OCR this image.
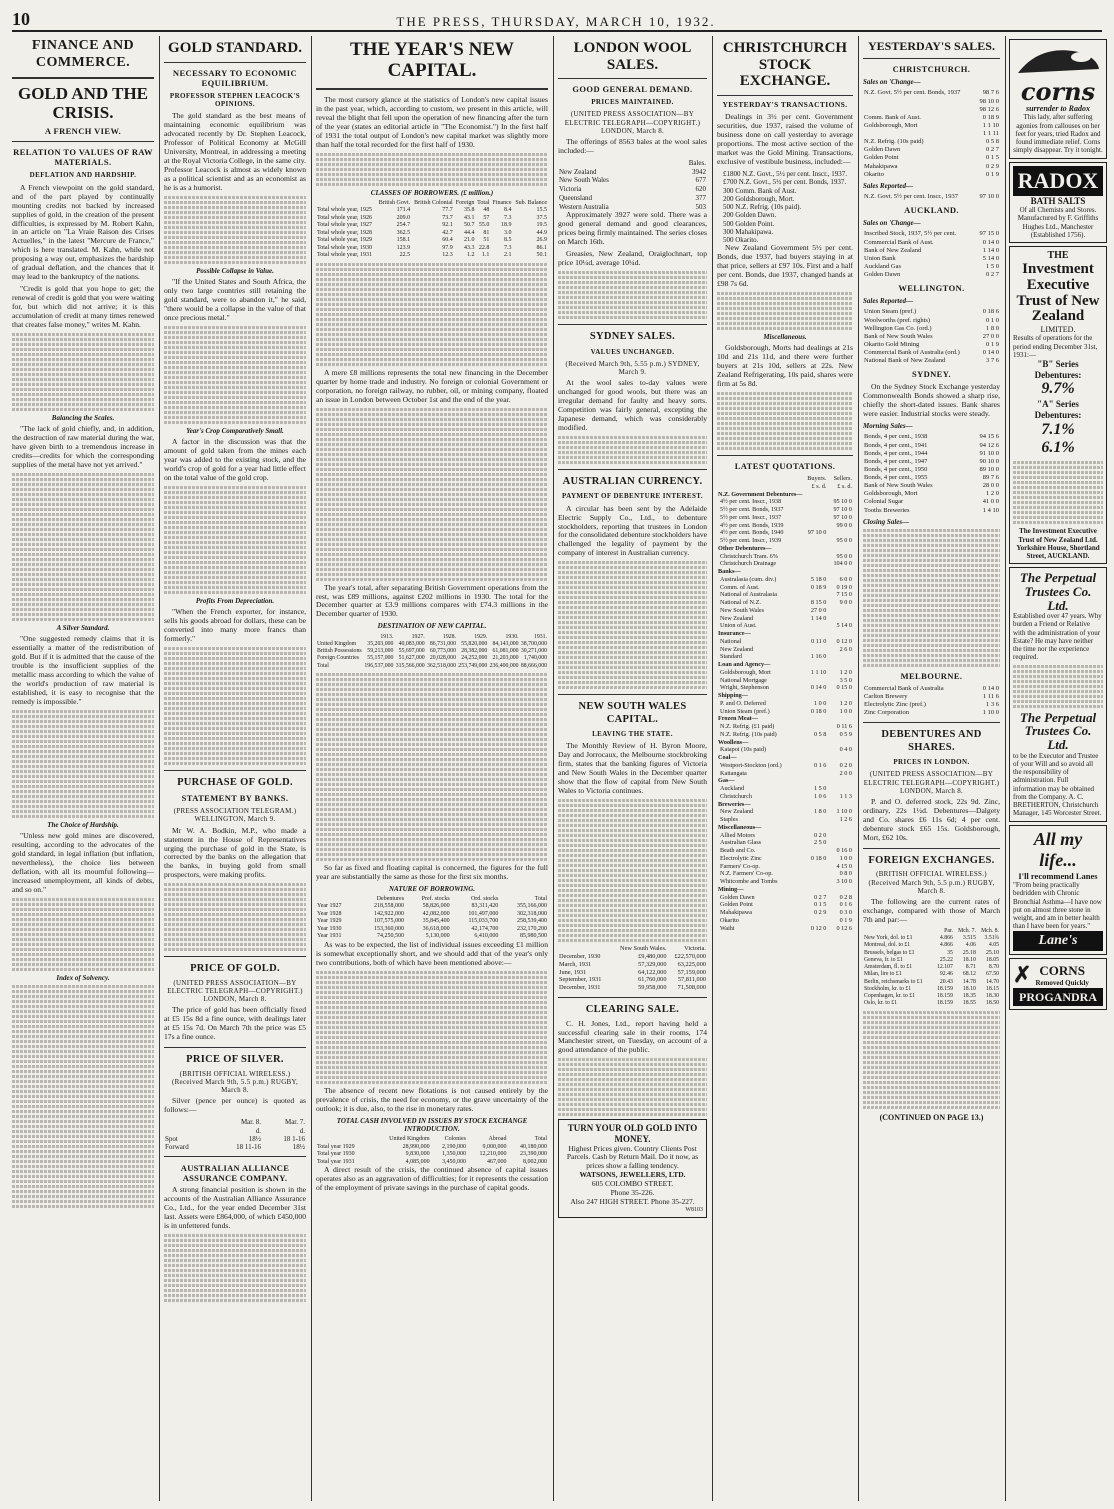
10	THE PRESS, THURSDAY, MARCH 10, 1932.
FINANCE AND COMMERCE.
GOLD AND THE CRISIS.
A FRENCH VIEW.
RELATION TO VALUES OF RAW MATERIALS.
DEFLATION AND HARDSHIP.

A French viewpoint on the gold standard, and of the part played by continually mounting credits not backed by increased supplies of gold, in the creation of the present difficulties, is expressed by M. Robert Kahn, in an article on "La Vraie Raison des Crises Actuelles," in the latest "Mercure de France," which is here translated. M. Kahn, while not proposing a way out, emphasizes the hardship of gradual deflation, and the chances that it may lead to the bankruptcy of the nations.

"Credit is gold that you hope to get; the renewal of credit is gold that you were waiting for, but which did not arrive; it is this accumulation of credit at many times renewed that creates false money," writes M. Kahn.

Balancing the Scales.

"The lack of gold chiefly, and, in addition, the destruction of raw material during the war, have given birth to a tremendous increase in credits—credits for which the corresponding supplies of the metal have not yet arrived."

A Silver Standard.

"One suggested remedy claims that it is essentially a matter of the redistribution of gold. But if it is admitted that the cause of the trouble is the insufficient supplies of the metallic mass according to which the value of the world's production of raw material is established, it is easy to recognise that the remedy is impossible."

The Choice of Hardship.

"Unless new gold mines are discovered, resulting, according to the advocates of the gold standard, in legal inflation (but inflation, nevertheless), the choice lies between deflation, with all its mournful following—increased unemployment, all kinds of debts, and so on."

Index of Solvency.
GOLD STANDARD.
NECESSARY TO ECONOMIC EQUILIBRIUM.
PROFESSOR STEPHEN LEACOCK'S OPINIONS.

The gold standard as the best means of maintaining economic equilibrium was advocated recently by Dr. Stephen Leacock, Professor of Political Economy at McGill University, Montreal, in addressing a meeting at the Royal Victoria College, in the same city. Professor Leacock is almost as widely known as a political scientist and as an economist as he is as a humorist.

Possible Collapse in Value.

"If the United States and South Africa, the only two large countries still retaining the gold standard, were to abandon it," he said, "there would be a collapse in the value of that once precious metal."

Year's Crop Comparatively Small.

A factor in the discussion was that the amount of gold taken from the mines each year was added to the existing stock, and the world's crop of gold for a year had little effect on the total value of the gold crop.

Profits From Depreciation.

"When the French exporter, for instance, sells his goods abroad for dollars, these can be converted into many more francs than formerly."

PURCHASE OF GOLD.
STATEMENT BY BANKS.
(PRESS ASSOCIATION TELEGRAM.) WELLINGTON, March 9.

Mr W. A. Bodkin, M.P., who made a statement in the House of Representatives urging the purchase of gold in the State, is corrected by the banks on the allegation that the banks, in buying gold from small prospectors, were making profits.

PRICE OF GOLD.
(UNITED PRESS ASSOCIATION—BY ELECTRIC TELEGRAPH—COPYRIGHT.) LONDON, March 8.

The price of gold has been officially fixed at £5 15s 8d a fine ounce, with dealings later at £5 15s 7d. On March 7th the price was £5 17s a fine ounce.

PRICE OF SILVER.
(BRITISH OFFICIAL WIRELESS.) (Received March 9th, 5.5 p.m.) RUGBY, March 8.

Silver (pence per ounce) is quoted as follows:—

	Mar. 8.	Mar. 7.
	d.	d.
Spot	18½	18 1-16
Forward	18 11-16	18½
AUSTRALIAN ALLIANCE ASSURANCE COMPANY.

A strong financial position is shown in the accounts of the Australian Alliance Assurance Co., Ltd., for the year ended December 31st last. Assets were £864,000, of which £450,000 is in unfettered funds.

THE YEAR'S NEW CAPITAL.

The most cursory glance at the statistics of London's new capital issues in the past year, which, according to custom, we present in this article, will reveal the blight that fell upon the operation of new financing after the turn of the year (states an editorial article in "The Economist.") In the first half of 1931 the total output of London's new capital market was slightly more than half the total recorded for the first half of 1930.

CLASSES OF BORROWERS. (£ million.)
	British Govt.	British Colonial	Foreign	Total	Finance	Sub. Balance
Total whole year, 1925	171.4	77.7	35.8	48	8.4	15.5
Total whole year, 1926	209.0	73.7	43.1	57	7.3	37.5
Total whole year, 1927	254.7	92.1	50.7	55.0	18.9	19.5
Total whole year, 1928	362.5	42.7	44.4	81	3.0	44.9
Total whole year, 1929	158.1	60.4	21.0	51	8.5	26.9
Total whole year, 1930	123.9	97.9	43.3	22.8	7.3	86.1
Total whole year, 1931	22.5	12.3	1.2	1.1	2.1	50.1

A mere £8 millions represents the total new financing in the December quarter by home trade and industry. No foreign or colonial Government or corporation, no foreign railway, no rubber, oil, or mining company, floated an issue in London between October 1st and the end of the year.

The year's total, after separating British Government operations from the rest, was £89 millions, against £202 millions in 1930. The total for the December quarter at £3.9 millions compares with £74.3 millions in the December quarter of 1930.

DESTINATION OF NEW CAPITAL.
	1913.	1927.	1928.	1929.	1930.	1931.
United Kingdom	35,203,000	40,083,000	86,731,000	55,820,000	84,143,000	38,700,000
British Possessions	59,213,000	55,697,000	60,773,000	28,382,000	61,081,000	30,271,000
Foreign Countries	55,157,000	51,627,000	20,028,000	24,252,000	21,203,000	1,740,000
Total	196,537,000	315,566,000	362,518,000	253,749,000	236,400,000	88,666,000

So far as fixed and floating capital is concerned, the figures for the full year are substantially the same as those for the first six months.

NATURE OF BORROWING.
	Debentures	Pref. stocks	Ord. stocks	Total
Year 1927	218,558,000	58,826,000	83,311,420	355,166,000
Year 1928	142,922,000	42,082,000	101,497,000	302,318,000
Year 1929	107,575,000	35,845,400	115,033,700	258,539,400
Year 1930	153,360,000	36,618,000	42,174,700	232,170,200
Year 1931	74,250,500	5,130,000	6,410,000	85,980,500

As was to be expected, the list of individual issues exceeding £1 million is somewhat exceptionally short, and we should add that of the year's only two contributions, both of which have been mentioned above:—

The absence of recent new flotations is not caused entirely by the prevalence of crisis, the need for economy, or the grave uncertainty of the outlook; it is due, also, to the rise in monetary rates.

TOTAL CASH INVOLVED IN ISSUES BY STOCK EXCHANGE INTRODUCTION.
	United Kingdom	Colonies	Abroad	Total
Total year 1929	28,990,000	2,190,000	9,000,000	40,180,000
Total year 1930	9,830,000	1,350,000	12,210,000	23,390,000
Total year 1931	4,085,000	3,450,000	467,000	8,002,000

A direct result of the crisis, the continued absence of capital issues operates also as an aggravation of difficulties; for it represents the cessation of the employment of private savings in the purchase of capital goods.

LONDON WOOL SALES.
GOOD GENERAL DEMAND.
PRICES MAINTAINED.
(UNITED PRESS ASSOCIATION—BY ELECTRIC TELEGRAPH—COPYRIGHT.) LONDON, March 8.

The offerings of 8563 bales at the wool sales included:—

	Bales.
New Zealand	3942
New South Wales	677
Victoria	620
Queensland	377
Western Australia	503

Approximately 3927 were sold. There was a good general demand and good clearances, prices being firmly maintained. The series closes on March 16th.

Greasies, New Zealand, Oraiglochnart, top price 10¼d, average 10¼d.

SYDNEY SALES.
VALUES UNCHANGED.
(Received March 9th, 5.55 p.m.) SYDNEY, March 9.

At the wool sales to-day values were unchanged for good wools, but there was an irregular demand for faulty and heavy sorts. Competition was fairly general, excepting the Japanese demand, which was considerably modified.

AUSTRALIAN CURRENCY.
PAYMENT OF DEBENTURE INTEREST.

A circular has been sent by the Adelaide Electric Supply Co., Ltd., to debenture stockholders, reporting that trustees in London for the consolidated debenture stockholders have challenged the legality of payment by the company of interest in Australian currency.

NEW SOUTH WALES CAPITAL.
LEAVING THE STATE.

The Monthly Review of H. Byron Moore, Day and Jorrocaux, the Melbourne stockbroking firm, states that the banking figures of Victoria and New South Wales in the December quarter show that the flow of capital from New South Wales to Victoria continues.

	New South Wales.	Victoria.
December, 1930	£9,480,000	£22,570,000
March, 1931	57,329,000	63,225,000
June, 1931	64,122,000	57,159,000
September, 1931	61,760,000	57,811,000
December, 1931	59,958,000	71,508,000
CLEARING SALE.

C. H. Jones, Ltd., report having held a successful clearing sale in their rooms, 174 Manchester street, on Tuesday, on account of a good attendance of the public.

TURN YOUR OLD GOLD INTO MONEY.
Highest Prices given. Country Clients Post Parcels. Cash by Return Mail. Do it now, as prices show a falling tendency.
WATSONS, JEWELLERS, LTD.
605 COLOMBO STREET.
Phone 35-226.
Also 247 HIGH STREET. Phone 35-227.
W8103
CHRISTCHURCH STOCK EXCHANGE.
YESTERDAY'S TRANSACTIONS.

Dealings in 3½ per cent. Government securities, due 1937, raised the volume of business done on call yesterday to average proportions. The most active section of the market was the Gold Mining. Transactions, exclusive of vestibule business, included:—

£1800 N.Z. Govt., 5½ per cent. Inscr., 1937.
£700 N.Z. Govt., 5½ per cent. Bonds, 1937.
300 Comm. Bank of Aust.
200 Goldsborough, Mort.
500 N.Z. Refrig. (10s paid).
200 Golden Dawn.
500 Golden Point.
300 Mahakipawa.
500 Okarito.

New Zealand Government 5½ per cent. Bonds, due 1937, had buyers staying in at that price, sellers at £97 10s. First and a half per cent. Bonds, due 1937, changed hands at £98 7s 6d.

Miscellaneous.

Goldsborough, Morts had dealings at 21s 10d and 21s 11d, and there were further buyers at 21s 10d, sellers at 22s. New Zealand Refrigerating, 10s paid, shares were firm at 5s 8d.

LATEST QUOTATIONS.
	Buyers.	Sellers.
	£ s. d.	£ s. d.
N.Z. Government Debentures—		
4½ per cent. Inscr., 1938		95 10 0
5½ per cent. Bonds, 1937		97 10 0
5½ per cent. Inscr., 1937		97 10 0
4½ per cent. Bonds, 1939		99 0 0
4½ per cent. Bonds, 1940	97 10 0	
5½ per cent. Inscr., 1939		95 0 0
Other Debentures—		
Christchurch Tram. 6%		95 0 0
Christchurch Drainage		104 0 0
Banks—		
Australasia (cum. div.)	5 18 0	6 0 0
Comm. of Aust.	0 18 9	0 19 0
National of Australasia		7 15 0
National of N.Z.	8 15 0	9 0 0
New South Wales	27 0 0	
New Zealand	1 14 0	
Union of Aust.		5 14 0
Insurance—		
National	0 11 0	0 12 0
New Zealand		2 6 0
Standard	1 16 0	
Loan and Agency—		
Goldsborough, Mort	1 1 10	1 2 0
National Mortgage		3 5 0
Wright, Stephenson	0 14 0	0 15 0
Shipping—		
P. and O. Deferred	1 0 0	1 2 0
Union Steam (pref.)	0 18 0	1 0 0
Frozen Meat—		
N.Z. Refrig. (£1 paid)		0 11 6
N.Z. Refrig. (10s paid)	0 5 8	0 5 9
Woollens—		
Kaiapoi (10s paid)		0 4 0
Coal—		
Westport-Stockton (ord.)	0 1 6	0 2 0
Kaitangata		2 0 0
Gas—		
Auckland	1 5 0	
Christchurch	1 0 6	1 1 3
Breweries—		
New Zealand	1 8 0	1 10 0
Staples		1 2 6
Miscellaneous—		
Allied Motors	0 2 0	
Australian Glass	2 5 0	
Beath and Co.		0 16 0
Electrolytic Zinc	0 18 0	1 0 0
Farmers' Co-op.		4 15 0
N.Z. Farmers' Co-op.		0 8 0
Whitcombe and Tombs		3 10 0
Mining—		
Golden Dawn	0 2 7	0 2 8
Golden Point	0 1 5	0 1 6
Mahakipawa	0 2 9	0 3 0
Okarito		0 1 9
Waihi	0 12 0	0 12 6
YESTERDAY'S SALES.
CHRISTCHURCH.
Sales on 'Change—
N.Z. Govt. 5½ per cent. Bonds, 1937	98 7 6
	98 10 0
	98 12 6
Comm. Bank of Aust.	0 18 9
Goldsborough, Mort	1 1 10
	1 1 11
N.Z. Refrig. (10s paid)	0 5 8
Golden Dawn	0 2 7
Golden Point	0 1 5
Mahakipawa	0 2 9
Okarito	0 1 9
Sales Reported—
N.Z. Govt. 5½ per cent. Inscr., 1937	97 10 0
AUCKLAND.
Sales on 'Change—
Inscribed Stock, 1937, 5½ per cent.	97 15 0
Commercial Bank of Aust.	0 14 0
Bank of New Zealand	1 14 0
Union Bank	5 14 0
Auckland Gas	1 5 0
Golden Dawn	0 2 7
WELLINGTON.
Sales Reported—
Union Steam (pref.)	0 18 6
Woolworths (pref. rights)	0 1 0
Wellington Gas Co. (ord.)	1 8 0
Bank of New South Wales	27 0 0
Okarito Gold Mining	0 1 9
Commercial Bank of Australia (ord.)	0 14 0
National Bank of New Zealand	3 7 6
SYDNEY.

On the Sydney Stock Exchange yesterday Commonwealth Bonds showed a sharp rise, chiefly the short-dated issues. Bank shares were easier. Industrial stocks were steady.

Morning Sales—
Bonds, 4 per cent., 1938	94 15 6
Bonds, 4 per cent., 1941	94 12 6
Bonds, 4 per cent., 1944	91 10 0
Bonds, 4 per cent., 1947	90 10 0
Bonds, 4 per cent., 1950	89 10 0
Bonds, 4 per cent., 1955	89 7 6
Bank of New South Wales	28 0 0
Goldsborough, Mort	1 2 0
Colonial Sugar	41 0 0
Tooths Breweries	1 4 10
Closing Sales—
MELBOURNE.
Commercial Bank of Australia	0 14 0
Carlton Brewery	1 11 6
Electrolytic Zinc (pref.)	1 3 6
Zinc Corporation	1 10 0
DEBENTURES AND SHARES.
PRICES IN LONDON.
(UNITED PRESS ASSOCIATION—BY ELECTRIC TELEGRAPH—COPYRIGHT.) LONDON, March 8.

P. and O. deferred stock, 22s 9d. Zinc, ordinary, 22s 1½d. Debentures—Dalgety and Co. shares £6 11s 6d; 4 per cent. debenture stock £65 15s. Goldsborough, Mort, £62 10s.

FOREIGN EXCHANGES.
(BRITISH OFFICIAL WIRELESS.) (Received March 9th, 5.5 p.m.) RUGBY, March 8.

The following are the current rates of exchange, compared with those of March 7th and par:—

	Par.	Mch. 7.	Mch. 8.
New York, dol. to £1	4.866	3.515	3.51¾
Montreal, dol. to £1	4.866	4.06	4.05
Brussels, belgas to £1	35	25.18	25.10
Geneva, fr. to £1	25.22	18.10	18.05
Amsterdam, fl. to £1	12.107	8.71	8.70
Milan, lire to £1	92.46	68.12	67.50
Berlin, reichsmarks to £1	20.43	14.78	14.70
Stockholm, kr. to £1	18.159	18.10	18.15
Copenhagen, kr. to £1	18.159	18.35	18.30
Oslo, kr. to £1	18.159	18.55	18.50
(CONTINUED ON PAGE 13.)
corns
surrender to Radox
This lady, after suffering agonies from callouses on her feet for years, tried Radox and found immediate relief. Corns simply disappear. Try it tonight.
RADOX
BATH SALTS
Of all Chemists and Stores. Manufactured by F. Griffiths Hughes Ltd., Manchester (Established 1756).
THE
Investment Executive Trust of New Zealand
LIMITED.
Results of operations for the period ending December 31st, 1931:—
"B" Series Debentures:
9.7%
"A" Series Debentures:
7.1%
6.1%
The Investment Executive Trust of New Zealand Ltd. Yorkshire House, Shortland Street, AUCKLAND.
The Perpetual Trustees Co. Ltd.
Established over 47 years. Why burden a Friend or Relative with the administration of your Estate? He may have neither the time nor the experience required.
The Perpetual Trustees Co. Ltd.
to be the Executor and Trustee of your Will and so avoid all the responsibility of administration. Full information may be obtained from the Company. A. C. BRETHERTON, Christchurch Manager, 145 Worcester Street.
All my life...
I'll recommend Lanes
"From being practically bedridden with Chronic Bronchial Asthma—I have now put on almost three stone in weight, and am in better health than I have been for years."
Lane's
✗ CORNS
Removed Quickly
PROGANDRA
